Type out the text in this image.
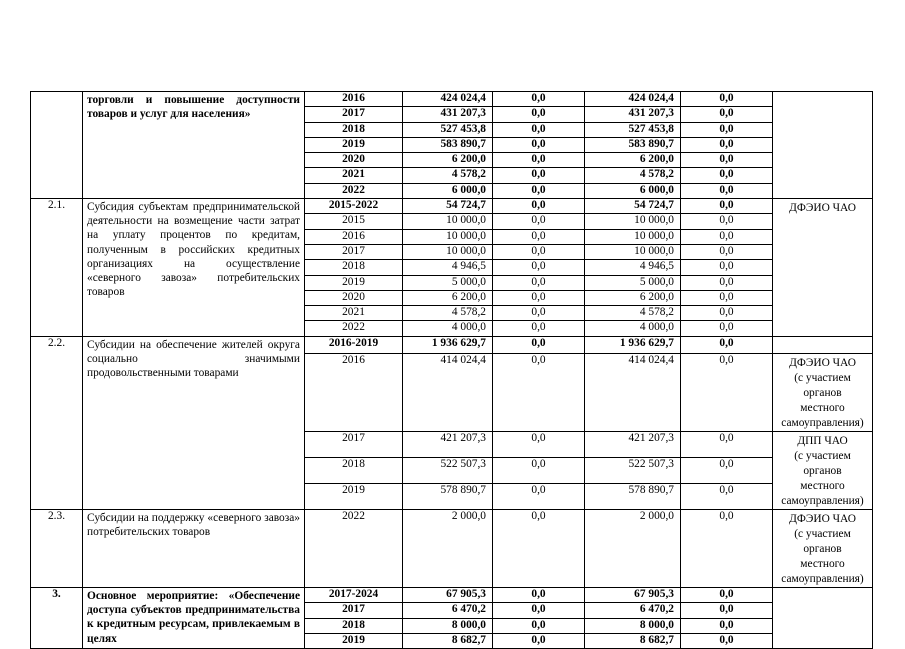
	торговли и повышение доступности товаров и услуг для населения»	2016	424 024,4	0,0	424 024,4	0,0	
		2017	431 207,3	0,0	431 207,3	0,0	
		2018	527 453,8	0,0	527 453,8	0,0	
		2019	583 890,7	0,0	583 890,7	0,0	
		2020	6 200,0	0,0	6 200,0	0,0	
		2021	4 578,2	0,0	4 578,2	0,0	
		2022	6 000,0	0,0	6 000,0	0,0	
2.1.	Субсидия субъектам предпринимательской деятельности на возмещение части затрат на уплату процентов по кредитам, полученным в российских кредитных организациях на осуществление «северного завоза» потребительских товаров	2015-2022	54 724,7	0,0	54 724,7	0,0	ДФЭИО ЧАО
		2015	10 000,0	0,0	10 000,0	0,0	
		2016	10 000,0	0,0	10 000,0	0,0	
		2017	10 000,0	0,0	10 000,0	0,0	
		2018	4 946,5	0,0	4 946,5	0,0	
		2019	5 000,0	0,0	5 000,0	0,0	
		2020	6 200,0	0,0	6 200,0	0,0	
		2021	4 578,2	0,0	4 578,2	0,0	
		2022	4 000,0	0,0	4 000,0	0,0	
2.2.	Субсидии на обеспечение жителей округа социально значимыми продовольственными товарами	2016-2019	1 936 629,7	0,0	1 936 629,7	0,0	
		2016	414 024,4	0,0	414 024,4	0,0	ДФЭИО ЧАО
(с участием органов
местного
самоуправления)

		2017	421 207,3	0,0	421 207,3	0,0	ДПП ЧАО
(с участием органов
местного
самоуправления)

		2018	522 507,3	0,0	522 507,3	0,0	
		2019	578 890,7	0,0	578 890,7	0,0	
2.3.	Субсидии на поддержку «северного завоза» потребительских товаров	2022	2 000,0	0,0	2 000,0	0,0	ДФЭИО ЧАО
(с участием органов
местного
самоуправления)

3.	Основное мероприятие: «Обеспечение доступа субъектов предпринимательства к кредитным ресурсам, привлекаемым в целях	2017-2024	67 905,3	0,0	67 905,3	0,0	
		2017	6 470,2	0,0	6 470,2	0,0	
		2018	8 000,0	0,0	8 000,0	0,0	
		2019	8 682,7	0,0	8 682,7	0,0	
